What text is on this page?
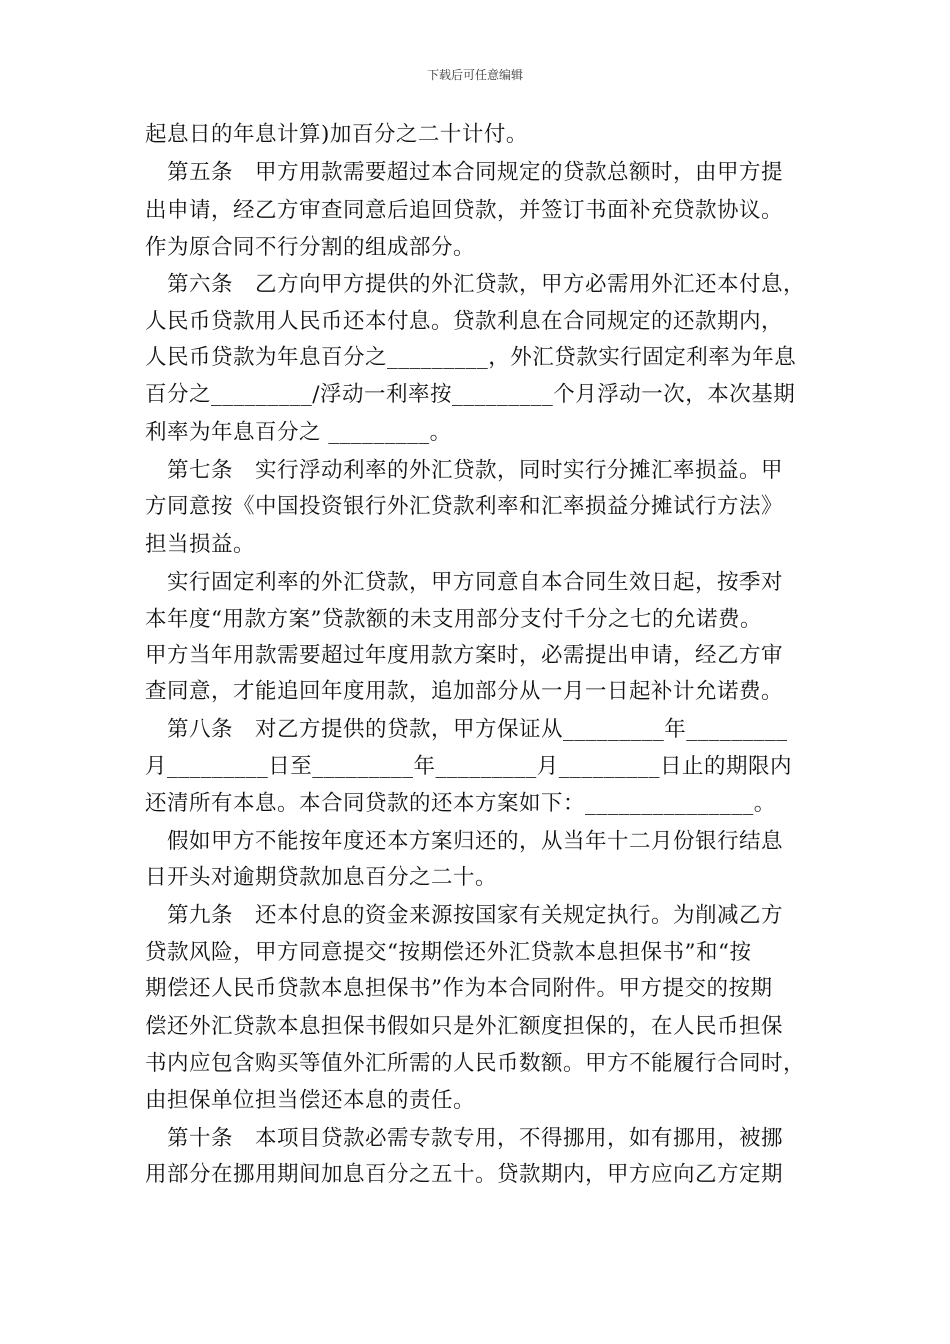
下载后可任意编辑
起息日的年息计算)加百分之二十计付。
第五条　甲方用款需要超过本合同规定的贷款总额时，由甲方提
出申请，经乙方审查同意后追回贷款，并签订书面补充贷款协议。
作为原合同不行分割的组成部分。
第六条　乙方向甲方提供的外汇贷款，甲方必需用外汇还本付息，
人民币贷款用人民币还本付息。贷款利息在合同规定的还款期内，
人民币贷款为年息百分之_________，外汇贷款实行固定利率为年息
百分之_________/浮动一利率按_________个月浮动一次，本次基期
利率为年息百分之 _________。
第七条　实行浮动利率的外汇贷款，同时实行分摊汇率损益。甲
方同意按《中国投资银行外汇贷款利率和汇率损益分摊试行方法》
担当损益。
实行固定利率的外汇贷款，甲方同意自本合同生效日起，按季对
本年度“用款方案”贷款额的未支用部分支付千分之七的允诺费。
甲方当年用款需要超过年度用款方案时，必需提出申请，经乙方审
查同意，才能追回年度用款，追加部分从一月一日起补计允诺费。
第八条　对乙方提供的贷款，甲方保证从_________年_________
月_________日至_________年_________月_________日止的期限内
还清所有本息。本合同贷款的还本方案如下：_______________。
假如甲方不能按年度还本方案归还的，从当年十二月份银行结息
日开头对逾期贷款加息百分之二十。
第九条　还本付息的资金来源按国家有关规定执行。为削减乙方
贷款风险，甲方同意提交“按期偿还外汇贷款本息担保书”和“按
期偿还人民币贷款本息担保书”作为本合同附件。甲方提交的按期
偿还外汇贷款本息担保书假如只是外汇额度担保的，在人民币担保
书内应包含购买等值外汇所需的人民币数额。甲方不能履行合同时，
由担保单位担当偿还本息的责任。
第十条　本项目贷款必需专款专用，不得挪用，如有挪用，被挪
用部分在挪用期间加息百分之五十。贷款期内，甲方应向乙方定期
